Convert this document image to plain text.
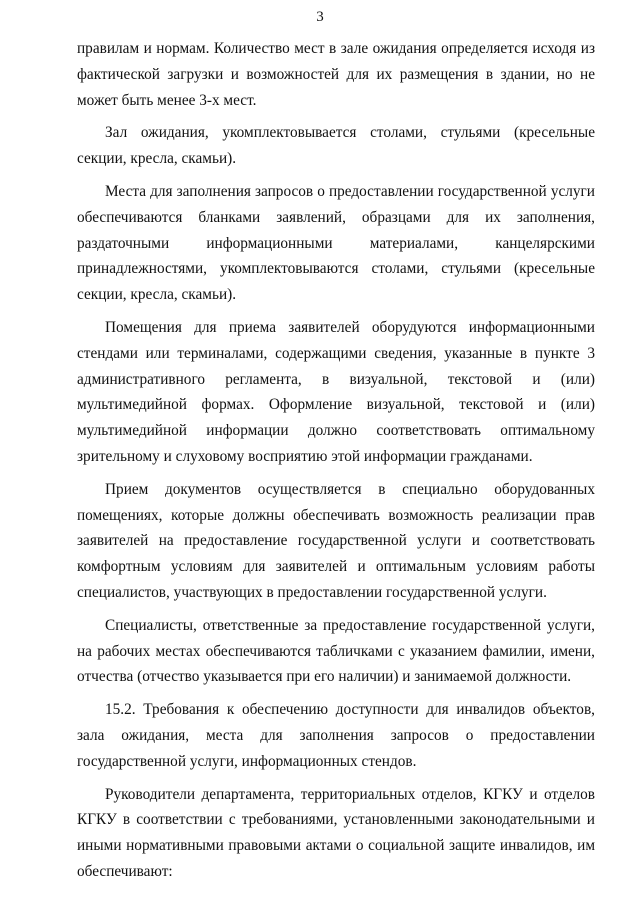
3

правилам и нормам. Количество мест в зале ожидания определяется исходя из фактической загрузки и возможностей для их размещения в здании, но не может быть менее 3-х мест.

Зал ожидания, укомплектовывается столами, стульями (кресельные секции, кресла, скамьи).

Места для заполнения запросов о предоставлении государственной услуги обеспечиваются бланками заявлений, образцами для их заполнения, раздаточными информационными материалами, канцелярскими принадлежностями, укомплектовываются столами, стульями (кресельные секции, кресла, скамьи).

Помещения для приема заявителей оборудуются информационными стендами или терминалами, содержащими сведения, указанные в пункте 3 административного регламента, в визуальной, текстовой и (или) мультимедийной формах. Оформление визуальной, текстовой и (или) мультимедийной информации должно соответствовать оптимальному зрительному и слуховому восприятию этой информации гражданами.

Прием документов осуществляется в специально оборудованных помещениях, которые должны обеспечивать возможность реализации прав заявителей на предоставление государственной услуги и соответствовать комфортным условиям для заявителей и оптимальным условиям работы специалистов, участвующих в предоставлении государственной услуги.

Специалисты, ответственные за предоставление государственной услуги, на рабочих местах обеспечиваются табличками с указанием фамилии, имени, отчества (отчество указывается при его наличии) и занимаемой должности.

15.2. Требования к обеспечению доступности для инвалидов объектов, зала ожидания, места для заполнения запросов о предоставлении государственной услуги, информационных стендов.

Руководители департамента, территориальных отделов, КГКУ и отделов КГКУ в соответствии с требованиями, установленными законодательными и иными нормативными правовыми актами о социальной защите инвалидов, им обеспечивают:
